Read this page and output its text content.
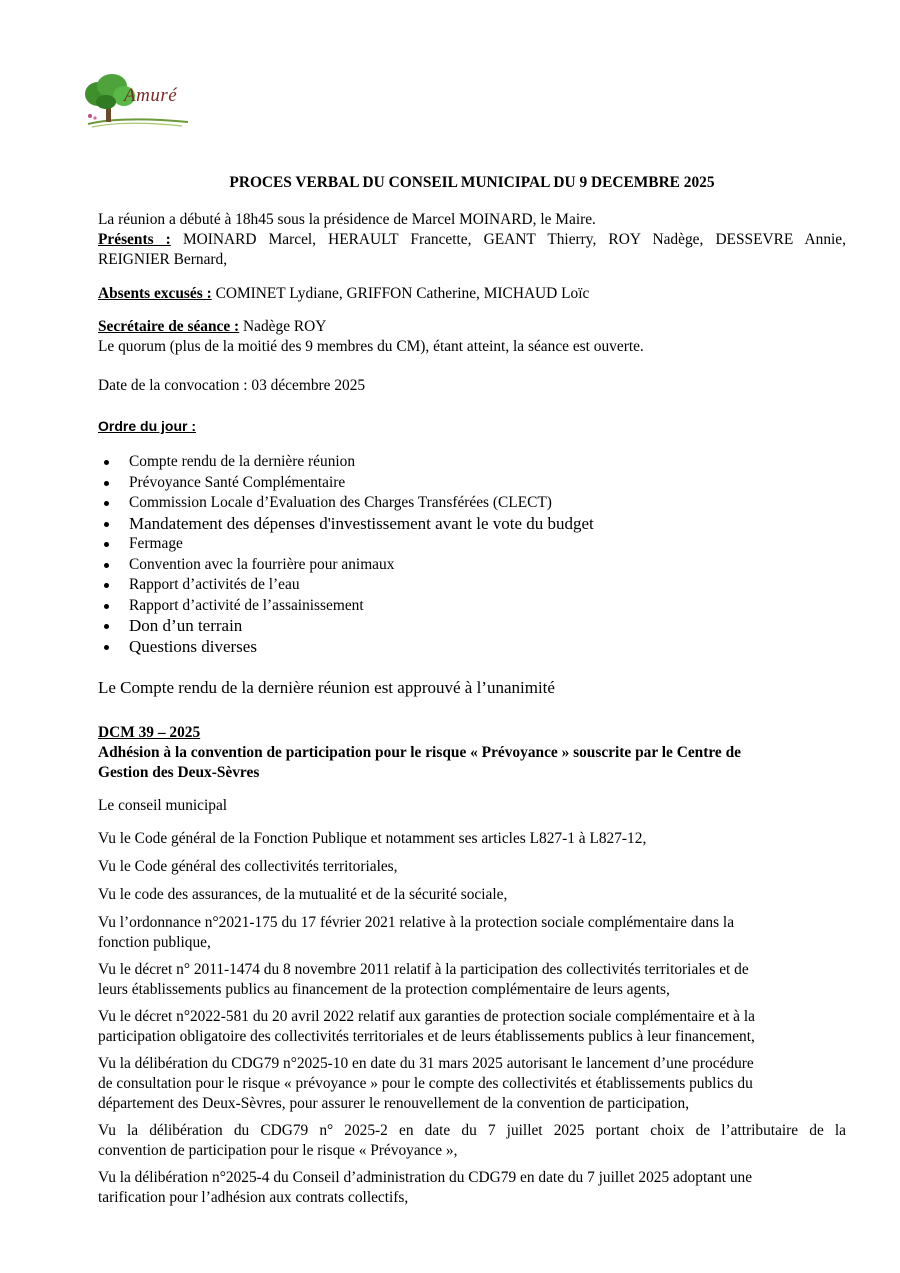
Amuré
PROCES VERBAL DU CONSEIL MUNICIPAL DU 9 DECEMBRE 2025
La réunion a débuté à 18h45 sous la présidence de Marcel MOINARD, le Maire.
Présents : MOINARD Marcel, HERAULT Francette, GEANT Thierry, ROY Nadège, DESSEVRE Annie,
REIGNIER Bernard,
Absents excusés : COMINET Lydiane, GRIFFON Catherine, MICHAUD Loïc
Secrétaire de séance : Nadège ROY
Le quorum (plus de la moitié des 9 membres du CM), étant atteint, la séance est ouverte.
Date de la convocation : 03 décembre 2025
Ordre du jour :
Compte rendu de la dernière réunion
Prévoyance Santé Complémentaire
Commission Locale d’Evaluation des Charges Transférées (CLECT)
Mandatement des dépenses d'investissement avant le vote du budget
Fermage
Convention avec la fourrière pour animaux
Rapport d’activités de l’eau
Rapport d’activité de l’assainissement
Don d’un terrain
Questions diverses
Le Compte rendu de la dernière réunion est approuvé à l’unanimité
DCM 39 – 2025
Adhésion à la convention de participation pour le risque « Prévoyance » souscrite par le Centre de
Gestion des Deux-Sèvres
Le conseil municipal
Vu le Code général de la Fonction Publique et notamment ses articles L827-1 à L827-12,
Vu le Code général des collectivités territoriales,
Vu le code des assurances, de la mutualité et de la sécurité sociale,
Vu l’ordonnance n°2021-175 du 17 février 2021 relative à la protection sociale complémentaire dans la
fonction publique,
Vu le décret n° 2011-1474 du 8 novembre 2011 relatif à la participation des collectivités territoriales et de
leurs établissements publics au financement de la protection complémentaire de leurs agents,
Vu le décret n°2022-581 du 20 avril 2022 relatif aux garanties de protection sociale complémentaire et à la
participation obligatoire des collectivités territoriales et de leurs établissements publics à leur financement,
Vu la délibération du CDG79 n°2025-10 en date du 31 mars 2025 autorisant le lancement d’une procédure
de consultation pour le risque « prévoyance » pour le compte des collectivités et établissements publics du
département des Deux-Sèvres, pour assurer le renouvellement de la convention de participation,
Vu la délibération du CDG79 n° 2025-2 en date du 7 juillet 2025 portant choix de l’attributaire de la
convention de participation pour le risque « Prévoyance »,
Vu la délibération n°2025-4 du Conseil d’administration du CDG79 en date du 7 juillet 2025 adoptant une
tarification pour l’adhésion aux contrats collectifs,
